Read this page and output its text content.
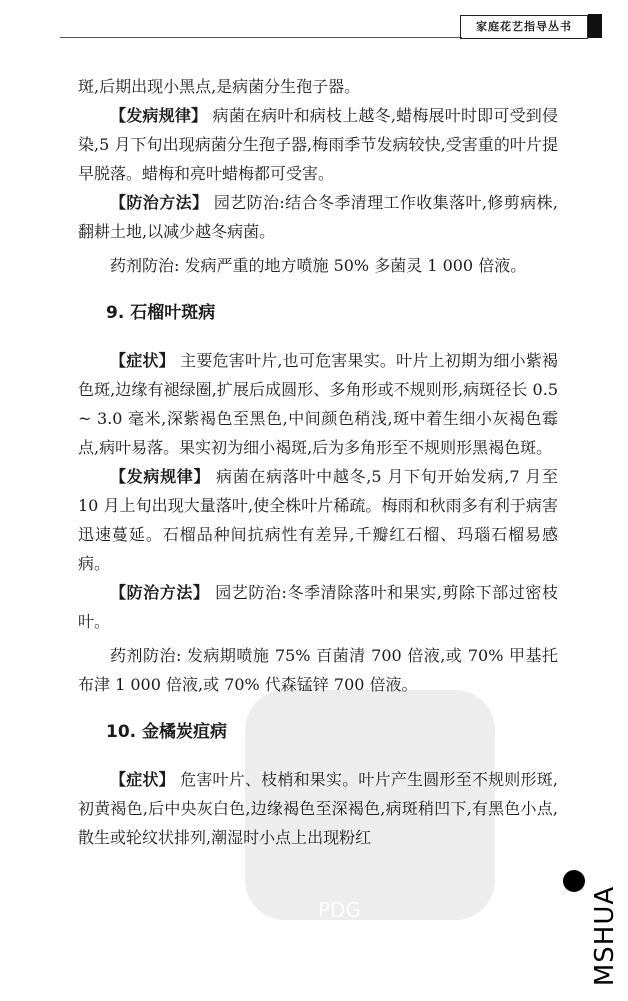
家庭花艺指导丛书
PDG

斑,后期出现小黑点,是病菌分生孢子器。

【发病规律】 病菌在病叶和病枝上越冬,蜡梅展叶时即可受到侵染,5 月下旬出现病菌分生孢子器,梅雨季节发病较快,受害重的叶片提早脱落。蜡梅和亮叶蜡梅都可受害。

【防治方法】 园艺防治:结合冬季清理工作收集落叶,修剪病株,翻耕土地,以减少越冬病菌。

药剂防治: 发病严重的地方喷施 50% 多菌灵 1 000 倍液。

9. 石榴叶斑病

【症状】 主要危害叶片,也可危害果实。叶片上初期为细小紫褐色斑,边缘有褪绿圈,扩展后成圆形、多角形或不规则形,病斑径长 0.5 ~ 3.0 毫米,深紫褐色至黑色,中间颜色稍浅,斑中着生细小灰褐色霉点,病叶易落。果实初为细小褐斑,后为多角形至不规则形黑褐色斑。

【发病规律】 病菌在病落叶中越冬,5 月下旬开始发病,7 月至 10 月上旬出现大量落叶,使全株叶片稀疏。梅雨和秋雨多有利于病害迅速蔓延。石榴品种间抗病性有差异,千瓣红石榴、玛瑙石榴易感病。

【防治方法】 园艺防治:冬季清除落叶和果实,剪除下部过密枝叶。

药剂防治: 发病期喷施 75% 百菌清 700 倍液,或 70% 甲基托布津 1 000 倍液,或 70% 代森锰锌 700 倍液。

10. 金橘炭疽病

【症状】 危害叶片、枝梢和果实。叶片产生圆形至不规则形斑,初黄褐色,后中央灰白色,边缘褐色至深褐色,病斑稍凹下,有黑色小点,散生或轮纹状排列,潮湿时小点上出现粉红

MSHUA
